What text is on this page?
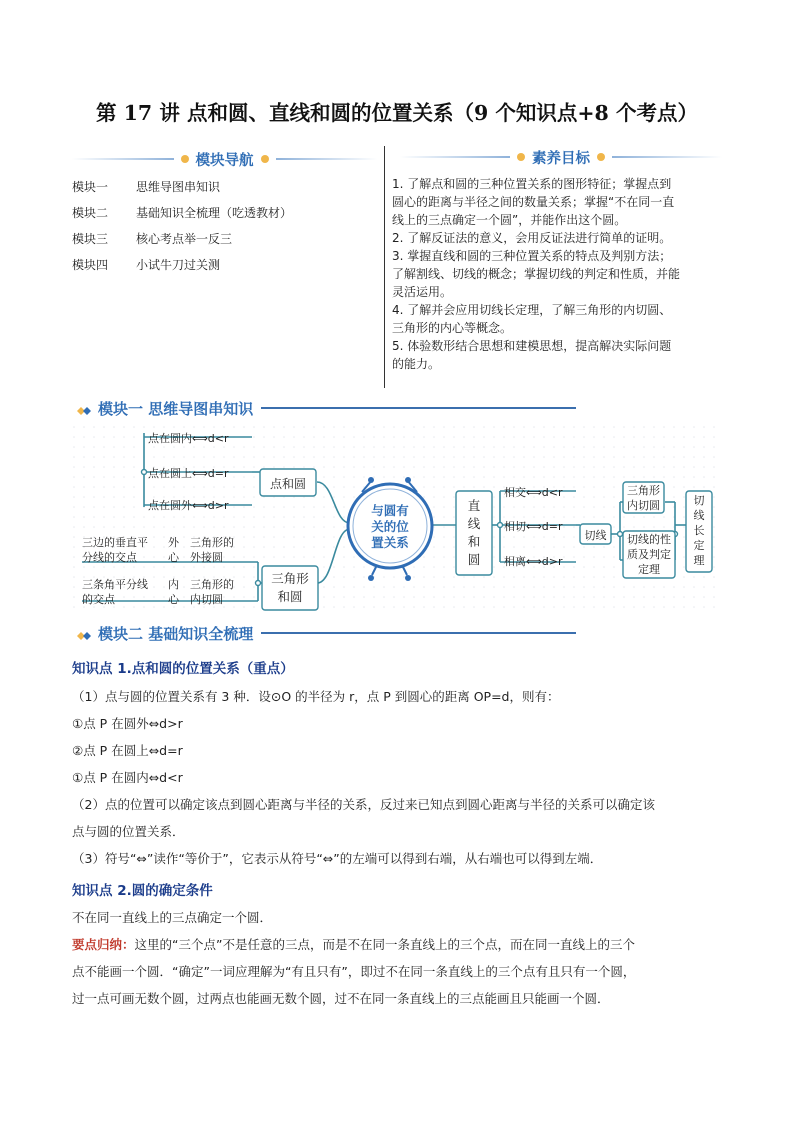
第 17 讲 点和圆、直线和圆的位置关系（9 个知识点+8 个考点）
模块导航
模块一	思维导图串知识
模块二	基础知识全梳理（吃透教材）
模块三	核心考点举一反三
模块四	小试牛刀过关测
素养目标
1. 了解点和圆的三种位置关系的图形特征；掌握点到
圆心的距离与半径之间的数量关系；掌握“不在同一直
线上的三点确定一个圆”，并能作出这个圆。
2. 了解反证法的意义，会用反证法进行简单的证明。
3. 掌握直线和圆的三种位置关系的特点及判别方法；
了解割线、切线的概念；掌握切线的判定和性质，并能
灵活运用。
4. 了解并会应用切线长定理，了解三角形的内切圆、
三角形的内心等概念。
5. 体验数形结合思想和建模思想，提高解决实际问题
的能力。
模块一 思维导图串知识
点在圆内⟺d<r
点在圆上⟺d=r
点在圆外⟺d>r
点和圆
三边的垂直平
分线的交点
外
心
三角形的
外接圆
三条角平分线
的交点
内
心
三角形的
内切圆
三角形
和圆
与圆有
关的位
置关系
直
线
和
圆
相交⟺d<r
相切⟺d=r
相离⟺d>r
切线
三角形
内切圆
切线的性
质及判定
定理
切
线
长
定
理
模块二 基础知识全梳理
知识点 1.点和圆的位置关系（重点）
（1）点与圆的位置关系有 3 种．设⊙O 的半径为 r，点 P 到圆心的距离 OP=d，则有：
①点 P 在圆外⇔d>r
②点 P 在圆上⇔d=r
①点 P 在圆内⇔d<r
（2）点的位置可以确定该点到圆心距离与半径的关系，反过来已知点到圆心距离与半径的关系可以确定该
点与圆的位置关系．
（3）符号“⇔”读作“等价于”，它表示从符号“⇔”的左端可以得到右端，从右端也可以得到左端．
知识点 2.圆的确定条件
不在同一直线上的三点确定一个圆．
要点归纳：这里的“三个点”不是任意的三点，而是不在同一条直线上的三个点，而在同一直线上的三个
点不能画一个圆．“确定”一词应理解为“有且只有”，即过不在同一条直线上的三个点有且只有一个圆，
过一点可画无数个圆，过两点也能画无数个圆，过不在同一条直线上的三点能画且只能画一个圆．
